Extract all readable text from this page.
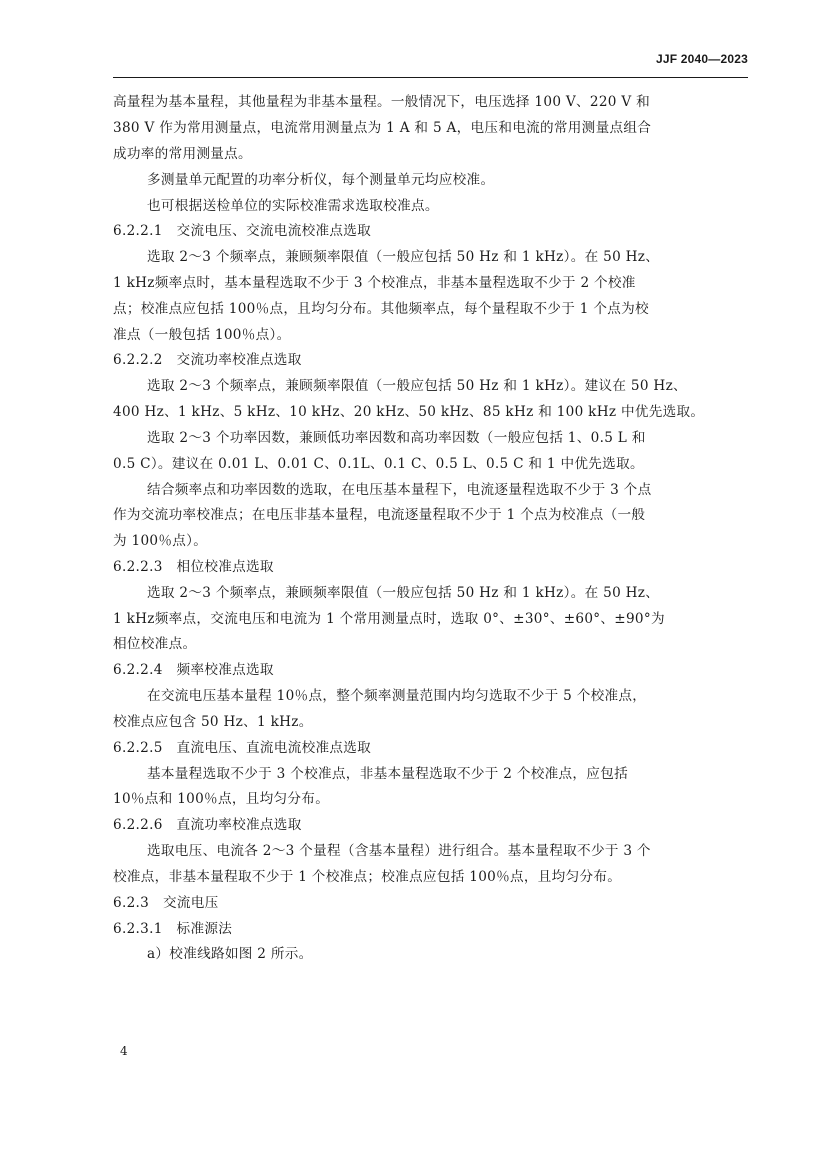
JJF 2040—2023
高量程为基本量程，其他量程为非基本量程。一般情况下，电压选择 100 V、220 V 和
380 V 作为常用测量点，电流常用测量点为 1 A 和 5 A，电压和电流的常用测量点组合
成功率的常用测量点。
多测量单元配置的功率分析仪，每个测量单元均应校准。
也可根据送检单位的实际校准需求选取校准点。
6.2.2.1　交流电压、交流电流校准点选取
选取 2～3 个频率点，兼顾频率限值（一般应包括 50 Hz 和 1 kHz）。在 50 Hz、
1 kHz频率点时，基本量程选取不少于 3 个校准点，非基本量程选取不少于 2 个校准
点；校准点应包括 100％点，且均匀分布。其他频率点，每个量程取不少于 1 个点为校
准点（一般包括 100％点）。
6.2.2.2　交流功率校准点选取
选取 2～3 个频率点，兼顾频率限值（一般应包括 50 Hz 和 1 kHz）。建议在 50 Hz、
400 Hz、1 kHz、5 kHz、10 kHz、20 kHz、50 kHz、85 kHz 和 100 kHz 中优先选取。
选取 2～3 个功率因数，兼顾低功率因数和高功率因数（一般应包括 1、0.5 L 和
0.5 C）。建议在 0.01 L、0.01 C、0.1L、0.1 C、0.5 L、0.5 C 和 1 中优先选取。
结合频率点和功率因数的选取，在电压基本量程下，电流逐量程选取不少于 3 个点
作为交流功率校准点；在电压非基本量程，电流逐量程取不少于 1 个点为校准点（一般
为 100％点）。
6.2.2.3　相位校准点选取
选取 2～3 个频率点，兼顾频率限值（一般应包括 50 Hz 和 1 kHz）。在 50 Hz、
1 kHz频率点，交流电压和电流为 1 个常用测量点时，选取 0°、±30°、±60°、±90°为
相位校准点。
6.2.2.4　频率校准点选取
在交流电压基本量程 10％点，整个频率测量范围内均匀选取不少于 5 个校准点，
校准点应包含 50 Hz、1 kHz。
6.2.2.5　直流电压、直流电流校准点选取
基本量程选取不少于 3 个校准点，非基本量程选取不少于 2 个校准点，应包括
10％点和 100％点，且均匀分布。
6.2.2.6　直流功率校准点选取
选取电压、电流各 2～3 个量程（含基本量程）进行组合。基本量程取不少于 3 个
校准点，非基本量程取不少于 1 个校准点；校准点应包括 100％点，且均匀分布。
6.2.3　交流电压
6.2.3.1　标准源法
a）校准线路如图 2 所示。
4
